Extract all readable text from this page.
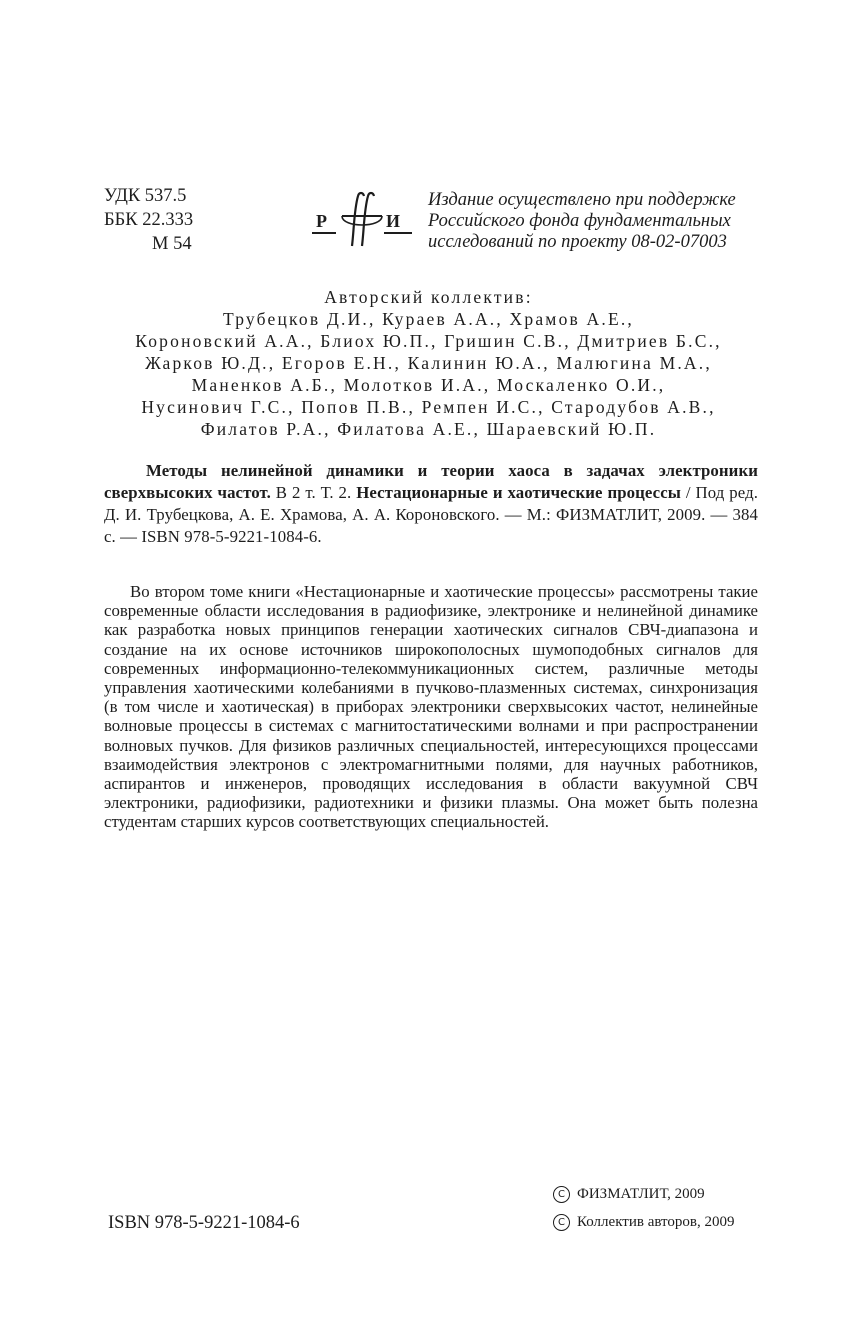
УДК 537.5
ББК 22.333
М 54
Р	И
Издание осуществлено при поддержке
Российского фонда фундаментальных
исследований по проекту 08-02-07003
Авторский коллектив:
Трубецков Д.И., Кураев А.А., Храмов А.Е.,
Короновский А.А., Блиох Ю.П., Гришин С.В., Дмитриев Б.С.,
Жарков Ю.Д., Егоров Е.Н., Калинин Ю.А., Малюгина М.А.,
Маненков А.Б., Молотков И.А., Москаленко О.И.,
Нусинович Г.С., Попов П.В., Ремпен И.С., Стародубов А.В.,
Филатов Р.А., Филатова А.Е., Шараевский Ю.П.
Методы нелинейной динамики и теории хаоса в задачах электроники сверхвысоких частот. В 2 т. Т. 2. Нестационарные и хаотические процессы / Под ред. Д. И. Трубецкова, А. Е. Храмова, А. А. Короновского. — М.: ФИЗМАТЛИТ, 2009. — 384 с. — ISBN 978-5-9221-1084-6.
Во втором томе книги «Нестационарные и хаотические процессы» рассмотрены такие современные области исследования в радиофизике, электронике и нелинейной динамике как разработка новых принципов генерации хаотических сигналов СВЧ-диапазона и создание на их основе источников широкополосных шумоподобных сигналов для современных информационно-телекоммуникационных систем, различные методы управления хаотическими колебаниями в пучково-плазменных системах, синхронизация (в том числе и хаотическая) в приборах электроники сверхвысоких частот, нелинейные волновые процессы в системах с магнитостатическими волнами и при распространении волновых пучков. Для физиков различных специальностей, интересующихся процессами взаимодействия электронов с электромагнитными полями, для научных работников, аспирантов и инженеров, проводящих исследования в области вакуумной СВЧ электроники, радиофизики, радиотехники и физики плазмы. Она может быть полезна студентам старших курсов соответствующих специальностей.
ISBN 978-5-9221-1084-6
C ФИЗМАТЛИТ, 2009
C Коллектив авторов, 2009
